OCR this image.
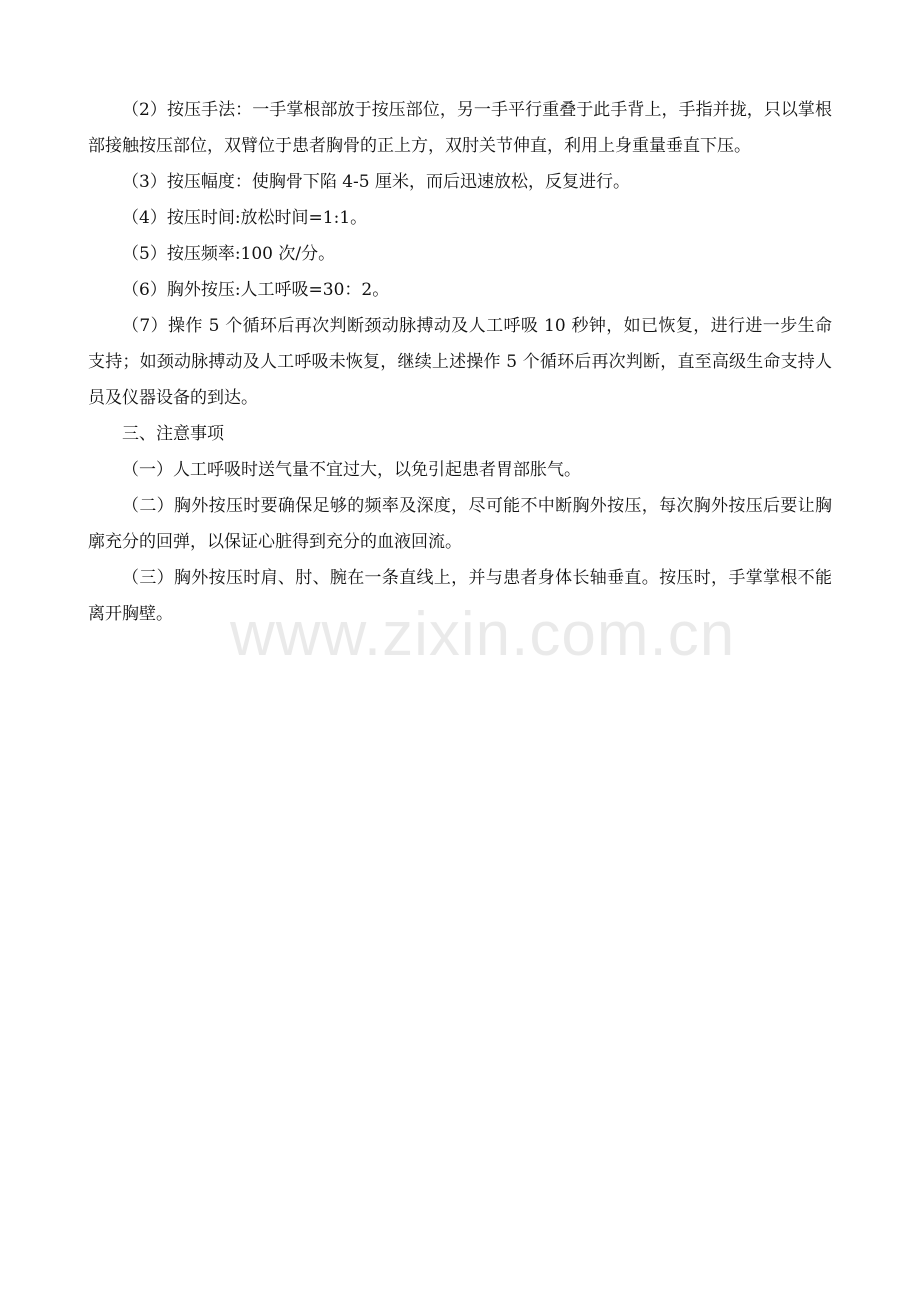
（2）按压手法：一手掌根部放于按压部位，另一手平行重叠于此手背上，手指并拢，只以掌根部接触按压部位，双臂位于患者胸骨的正上方，双肘关节伸直，利用上身重量垂直下压。

（3）按压幅度：使胸骨下陷 4-5 厘米，而后迅速放松，反复进行。

（4）按压时间:放松时间=1:1。

（5）按压频率:100 次/分。

（6）胸外按压:人工呼吸=30：2。

（7）操作 5 个循环后再次判断颈动脉搏动及人工呼吸 10 秒钟，如已恢复，进行进一步生命支持；如颈动脉搏动及人工呼吸未恢复，继续上述操作 5 个循环后再次判断，直至高级生命支持人员及仪器设备的到达。

三、注意事项

（一）人工呼吸时送气量不宜过大，以免引起患者胃部胀气。

（二）胸外按压时要确保足够的频率及深度，尽可能不中断胸外按压，每次胸外按压后要让胸廓充分的回弹，以保证心脏得到充分的血液回流。

（三）胸外按压时肩、肘、腕在一条直线上，并与患者身体长轴垂直。按压时，手掌掌根不能离开胸壁。 www.zixin.com.cn
